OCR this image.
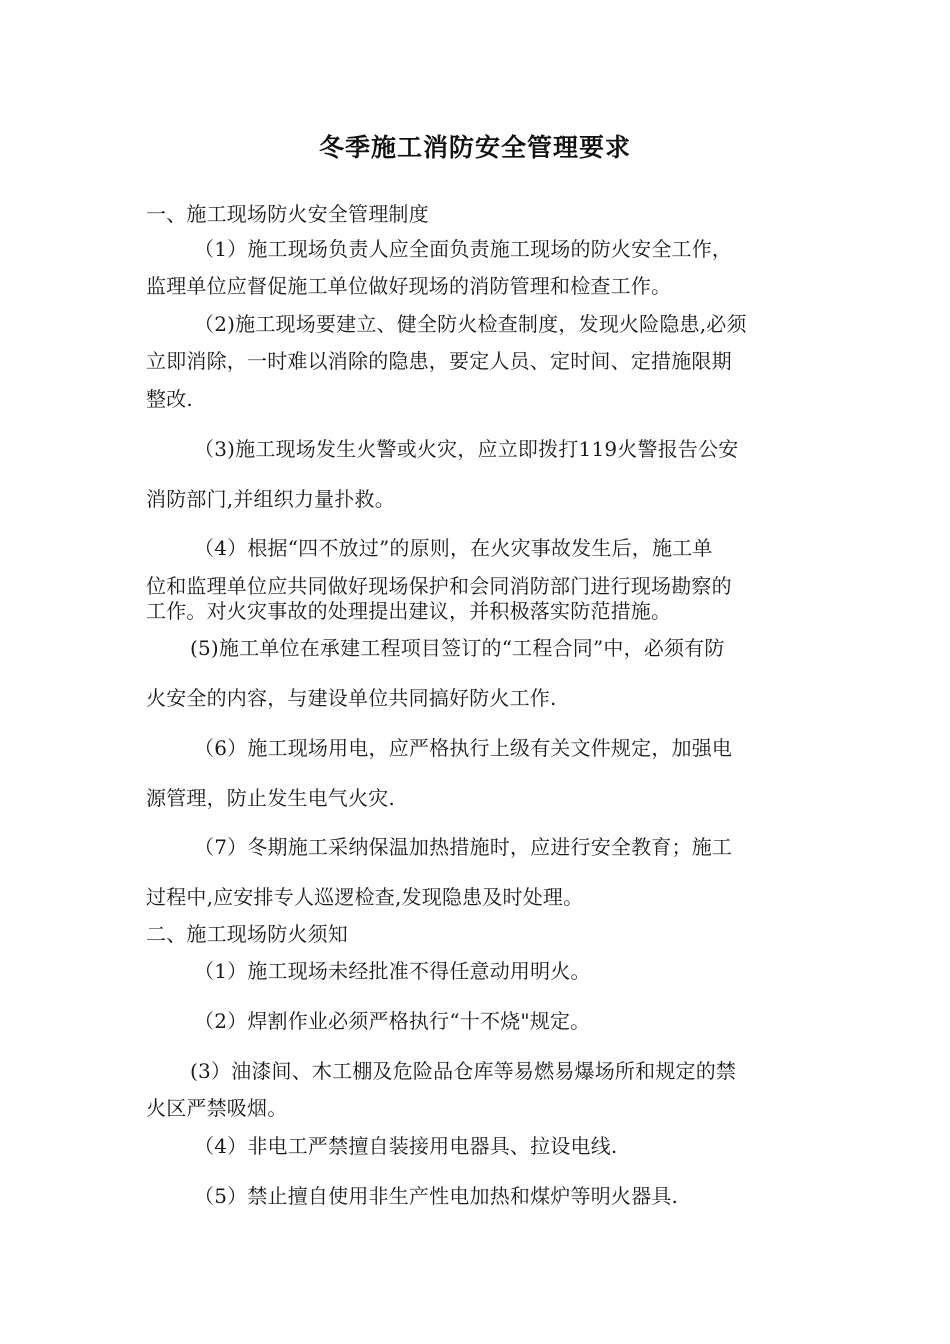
冬季施工消防安全管理要求

一、施工现场防火安全管理制度

（1）施工现场负责人应全面负责施工现场的防火安全工作，

监理单位应督促施工单位做好现场的消防管理和检查工作。

（2)施工现场要建立、健全防火检查制度，发现火险隐患,必须

立即消除，一时难以消除的隐患，要定人员、定时间、定措施限期

整改.

（3)施工现场发生火警或火灾，应立即拨打119火警报告公安

消防部门,并组织力量扑救。

（4）根据“四不放过”的原则，在火灾事故发生后，施工单

位和监理单位应共同做好现场保护和会同消防部门进行现场勘察的

工作。对火灾事故的处理提出建议，并积极落实防范措施。

(5)施工单位在承建工程项目签订的“工程合同”中，必须有防

火安全的内容，与建设单位共同搞好防火工作.

（6）施工现场用电，应严格执行上级有关文件规定，加强电

源管理，防止发生电气火灾.

（7）冬期施工采纳保温加热措施时，应进行安全教育；施工

过程中,应安排专人巡逻检查,发现隐患及时处理。

二、施工现场防火须知

（1）施工现场未经批准不得任意动用明火。

（2）焊割作业必须严格执行“十不烧"规定。

(3）油漆间、木工棚及危险品仓库等易燃易爆场所和规定的禁

火区严禁吸烟。

（4）非电工严禁擅自装接用电器具、拉设电线.

（5）禁止擅自使用非生产性电加热和煤炉等明火器具.
